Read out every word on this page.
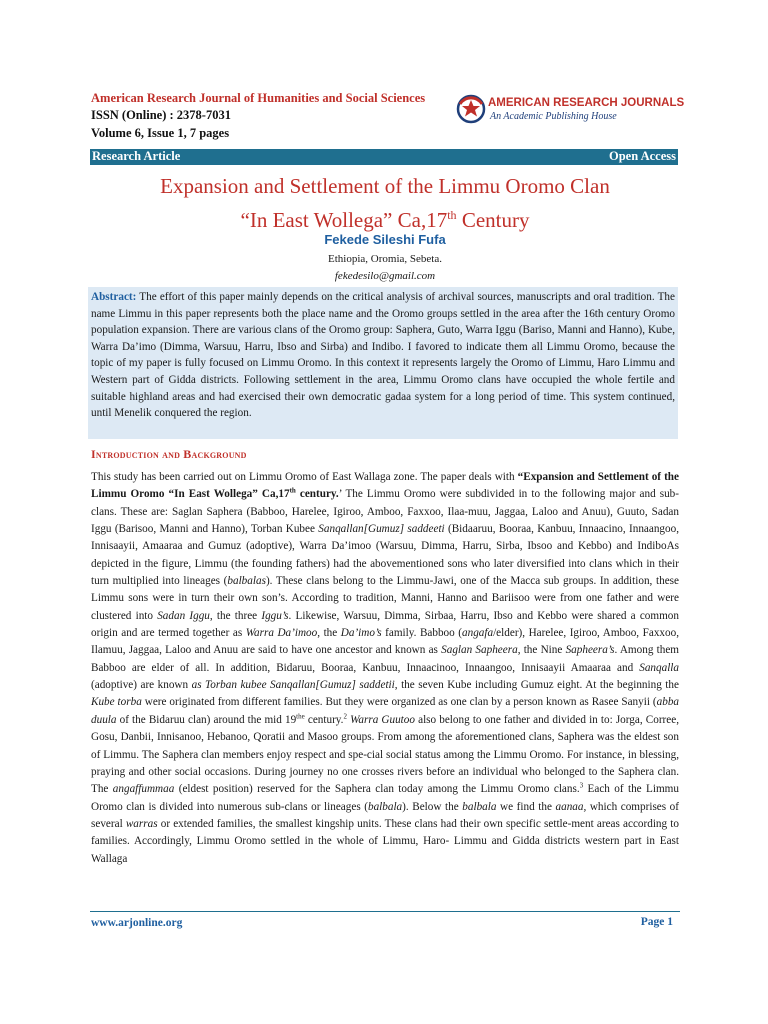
American Research Journal of Humanities and Social Sciences
ISSN (Online) : 2378-7031
Volume 6, Issue 1, 7 pages
AMERICAN RESEARCH JOURNALS
An Academic Publishing House
Research Article	Open Access
Expansion and Settlement of the Limmu Oromo Clan
“In East Wollega” Ca,17th Century
Fekede Sileshi Fufa
Ethiopia, Oromia, Sebeta.
fekedesilo@gmail.com
Abstract: The effort of this paper mainly depends on the critical analysis of archival sources, manuscripts and oral tradition. The name Limmu in this paper represents both the place name and the Oromo groups settled in the area after the 16th century Oromo population expansion. There are various clans of the Oromo group: Saphera, Guto, Warra Iggu (Bariso, Manni and Hanno), Kube, Warra Da’imo (Dimma, Warsuu, Harru, Ibso and Sirba) and Indibo. I favored to indicate them all Limmu Oromo, because the topic of my paper is fully focused on Limmu Oromo. In this context it represents largely the Oromo of Limmu, Haro Limmu and Western part of Gidda districts. Following settlement in the area, Limmu Oromo clans have occupied the whole fertile and suitable highland areas and had exercised their own democratic gadaa system for a long period of time. This system continued, until Menelik conquered the region.
Introduction and Background
This study has been carried out on Limmu Oromo of East Wallaga zone. The paper deals with “Expansion and Settlement of the Limmu Oromo “In East Wollega” Ca,17th century.’ The Limmu Oromo were subdivided in to the following major and sub-clans. These are: Saglan Saphera (Babboo, Harelee, Igiroo, Amboo, Faxxoo, Ilaa-muu, Jaggaa, Laloo and Anuu), Guuto, Sadan Iggu (Barisoo, Manni and Hanno), Torban Kubee Sanqallan[Gumuz] saddeeti (Bidaaruu, Booraa, Kanbuu, Innaacino, Innaangoo, Innisaayii, Amaaraa and Gumuz (adoptive), Warra Da’imoo (Warsuu, Dimma, Harru, Sirba, Ibsoo and Kebbo) and IndiboAs depicted in the figure, Limmu (the founding fathers) had the abovementioned sons who later diversified into clans which in their turn multiplied into lineages (balbalas). These clans belong to the Limmu-Jawi, one of the Macca sub groups. In addition, these Limmu sons were in turn their own son’s. According to tradition, Manni, Hanno and Bariisoo were from one father and were clustered into Sadan Iggu, the three Iggu’s. Likewise, Warsuu, Dimma, Sirbaa, Harru, Ibso and Kebbo were shared a common origin and are termed together as Warra Da’imoo, the Da’imo’s family. Babboo (angafa/elder), Harelee, Igiroo, Amboo, Faxxoo, Ilamuu, Jaggaa, Laloo and Anuu are said to have one ancestor and known as Saglan Sapheera, the Nine Sapheera’s. Among them Babboo are elder of all. In addition, Bidaruu, Booraa, Kanbuu, Innaacinoo, Innaangoo, Innisaayii Amaaraa and Sanqalla (adoptive) are known as Torban kubee Sanqallan[Gumuz] saddetii, the seven Kube including Gumuz eight. At the beginning the Kube torba were originated from different families. But they were organized as one clan by a person known as Rasee Sanyii (abba duula of the Bidaruu clan) around the mid $19^{the}$ century.$^2$ Warra Guutoo also belong to one father and divided in to: Jorga, Corree, Gosu, Danbii, Innisanoo, Hebanoo, Qoratii and Masoo groups. From among the aforementioned clans, Saphera was the eldest son of Limmu. The Saphera clan members enjoy respect and spe-cial social status among the Limmu Oromo. For instance, in blessing, praying and other social occasions. During journey no one crosses rivers before an individual who belonged to the Saphera clan. The angaffummaa (eldest position) reserved for the Saphera clan today among the Limmu Oromo clans.$^3$ Each of the Limmu Oromo clan is divided into numerous sub-clans or lineages (balbala). Below the balbala we find the aanaa, which comprises of several warras or extended families, the smallest kingship units. These clans had their own specific settle-ment areas according to families. Accordingly, Limmu Oromo settled in the whole of Limmu, Haro- Limmu and Gidda districts western part in East Wallaga
www.arjonline.org	Page 1
